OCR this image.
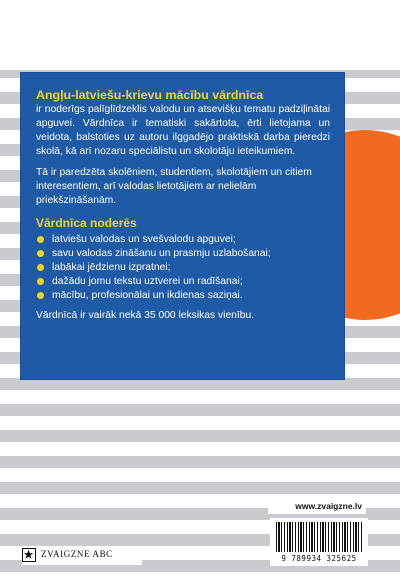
Angļu-latviešu-krievu mācību vārdnīca

ir noderīgs palīglīdzeklis valodu un atsevišķu tematu padziļinātai apguvei. Vārdnīca ir tematiski sakārtota, ērti lietojama un veidota, balstoties uz autoru ilggadējo praktiskā darba pieredzi skolā, kā arī nozaru speciālistu un skolotāju ieteikumiem.

Tā ir paredzēta skolēniem, studentiem, skolotājiem un citiem interesentiem, arī valodas lietotājiem ar nelielām priekšzināšanām.

Vārdnīca noderēs

latviešu valodas un svešvalodu apguvei;
savu valodas zināšanu un prasmju uzlabošanai;
labākai jēdzienu izpratnei;
dažādu jomu tekstu uztverei un radīšanai;
mācību, profesionālai un ikdienas saziņai.

Vārdnīcā ir vairāk nekā 35 000 leksikas vienību.

www.zvaigzne.lv
9 789934 325625
ZVAIGZNE ABC
